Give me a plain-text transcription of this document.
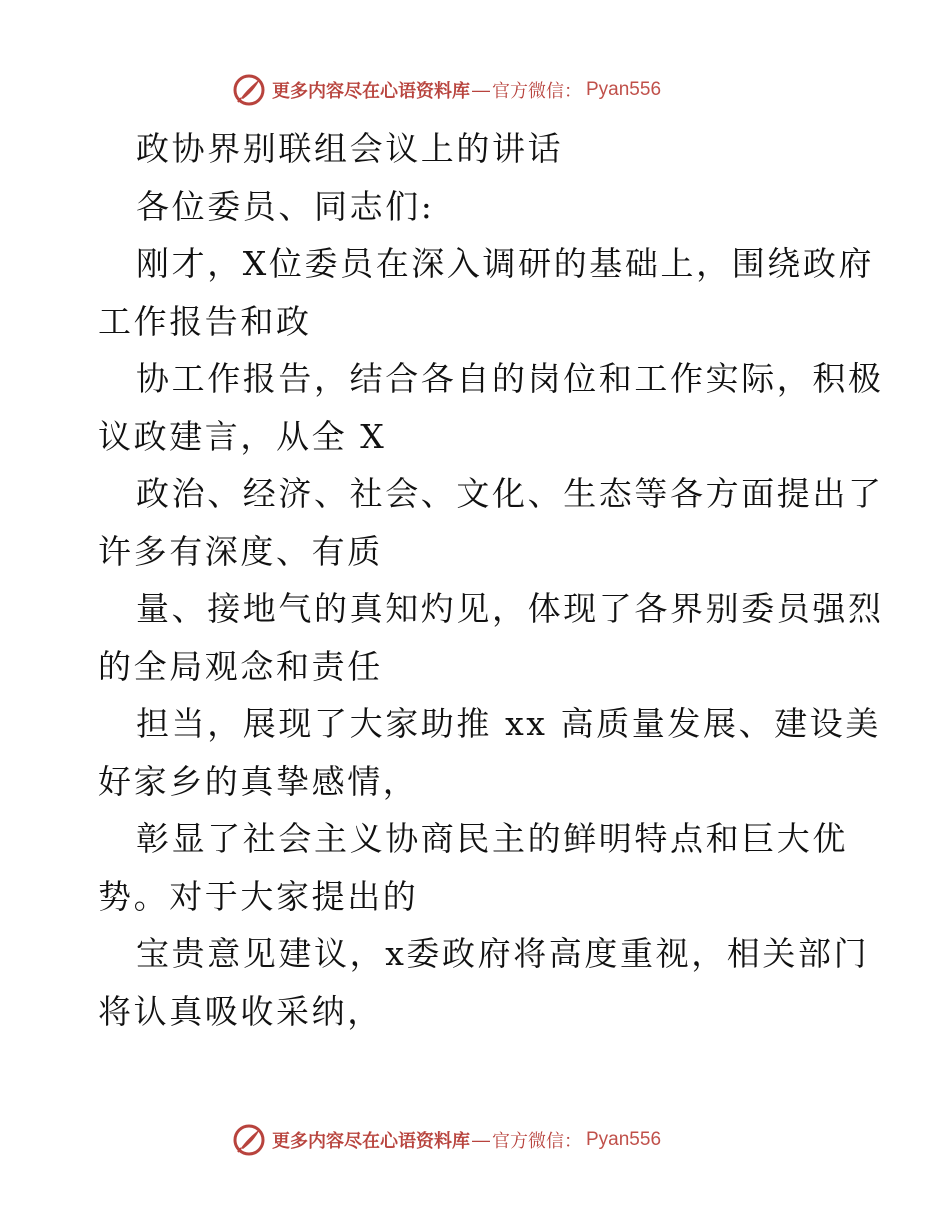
更多内容尽在心语资料库 — 官方微信： Pyan556
政协界别联组会议上的讲话
各位委员、同志们:
刚才，X位委员在深入调研的基础上，围绕政府
工作报告和政
协工作报告，结合各自的岗位和工作实际，积极
议政建言，从全 X
政治、经济、社会、文化、生态等各方面提出了
许多有深度、有质
量、接地气的真知灼见，体现了各界别委员强烈
的全局观念和责任
担当，展现了大家助推 xx 高质量发展、建设美
好家乡的真挚感情，
彰显了社会主义协商民主的鲜明特点和巨大优
势。对于大家提出的
宝贵意见建议，x委政府将高度重视，相关部门
将认真吸收采纳，
更多内容尽在心语资料库 — 官方微信： Pyan556
